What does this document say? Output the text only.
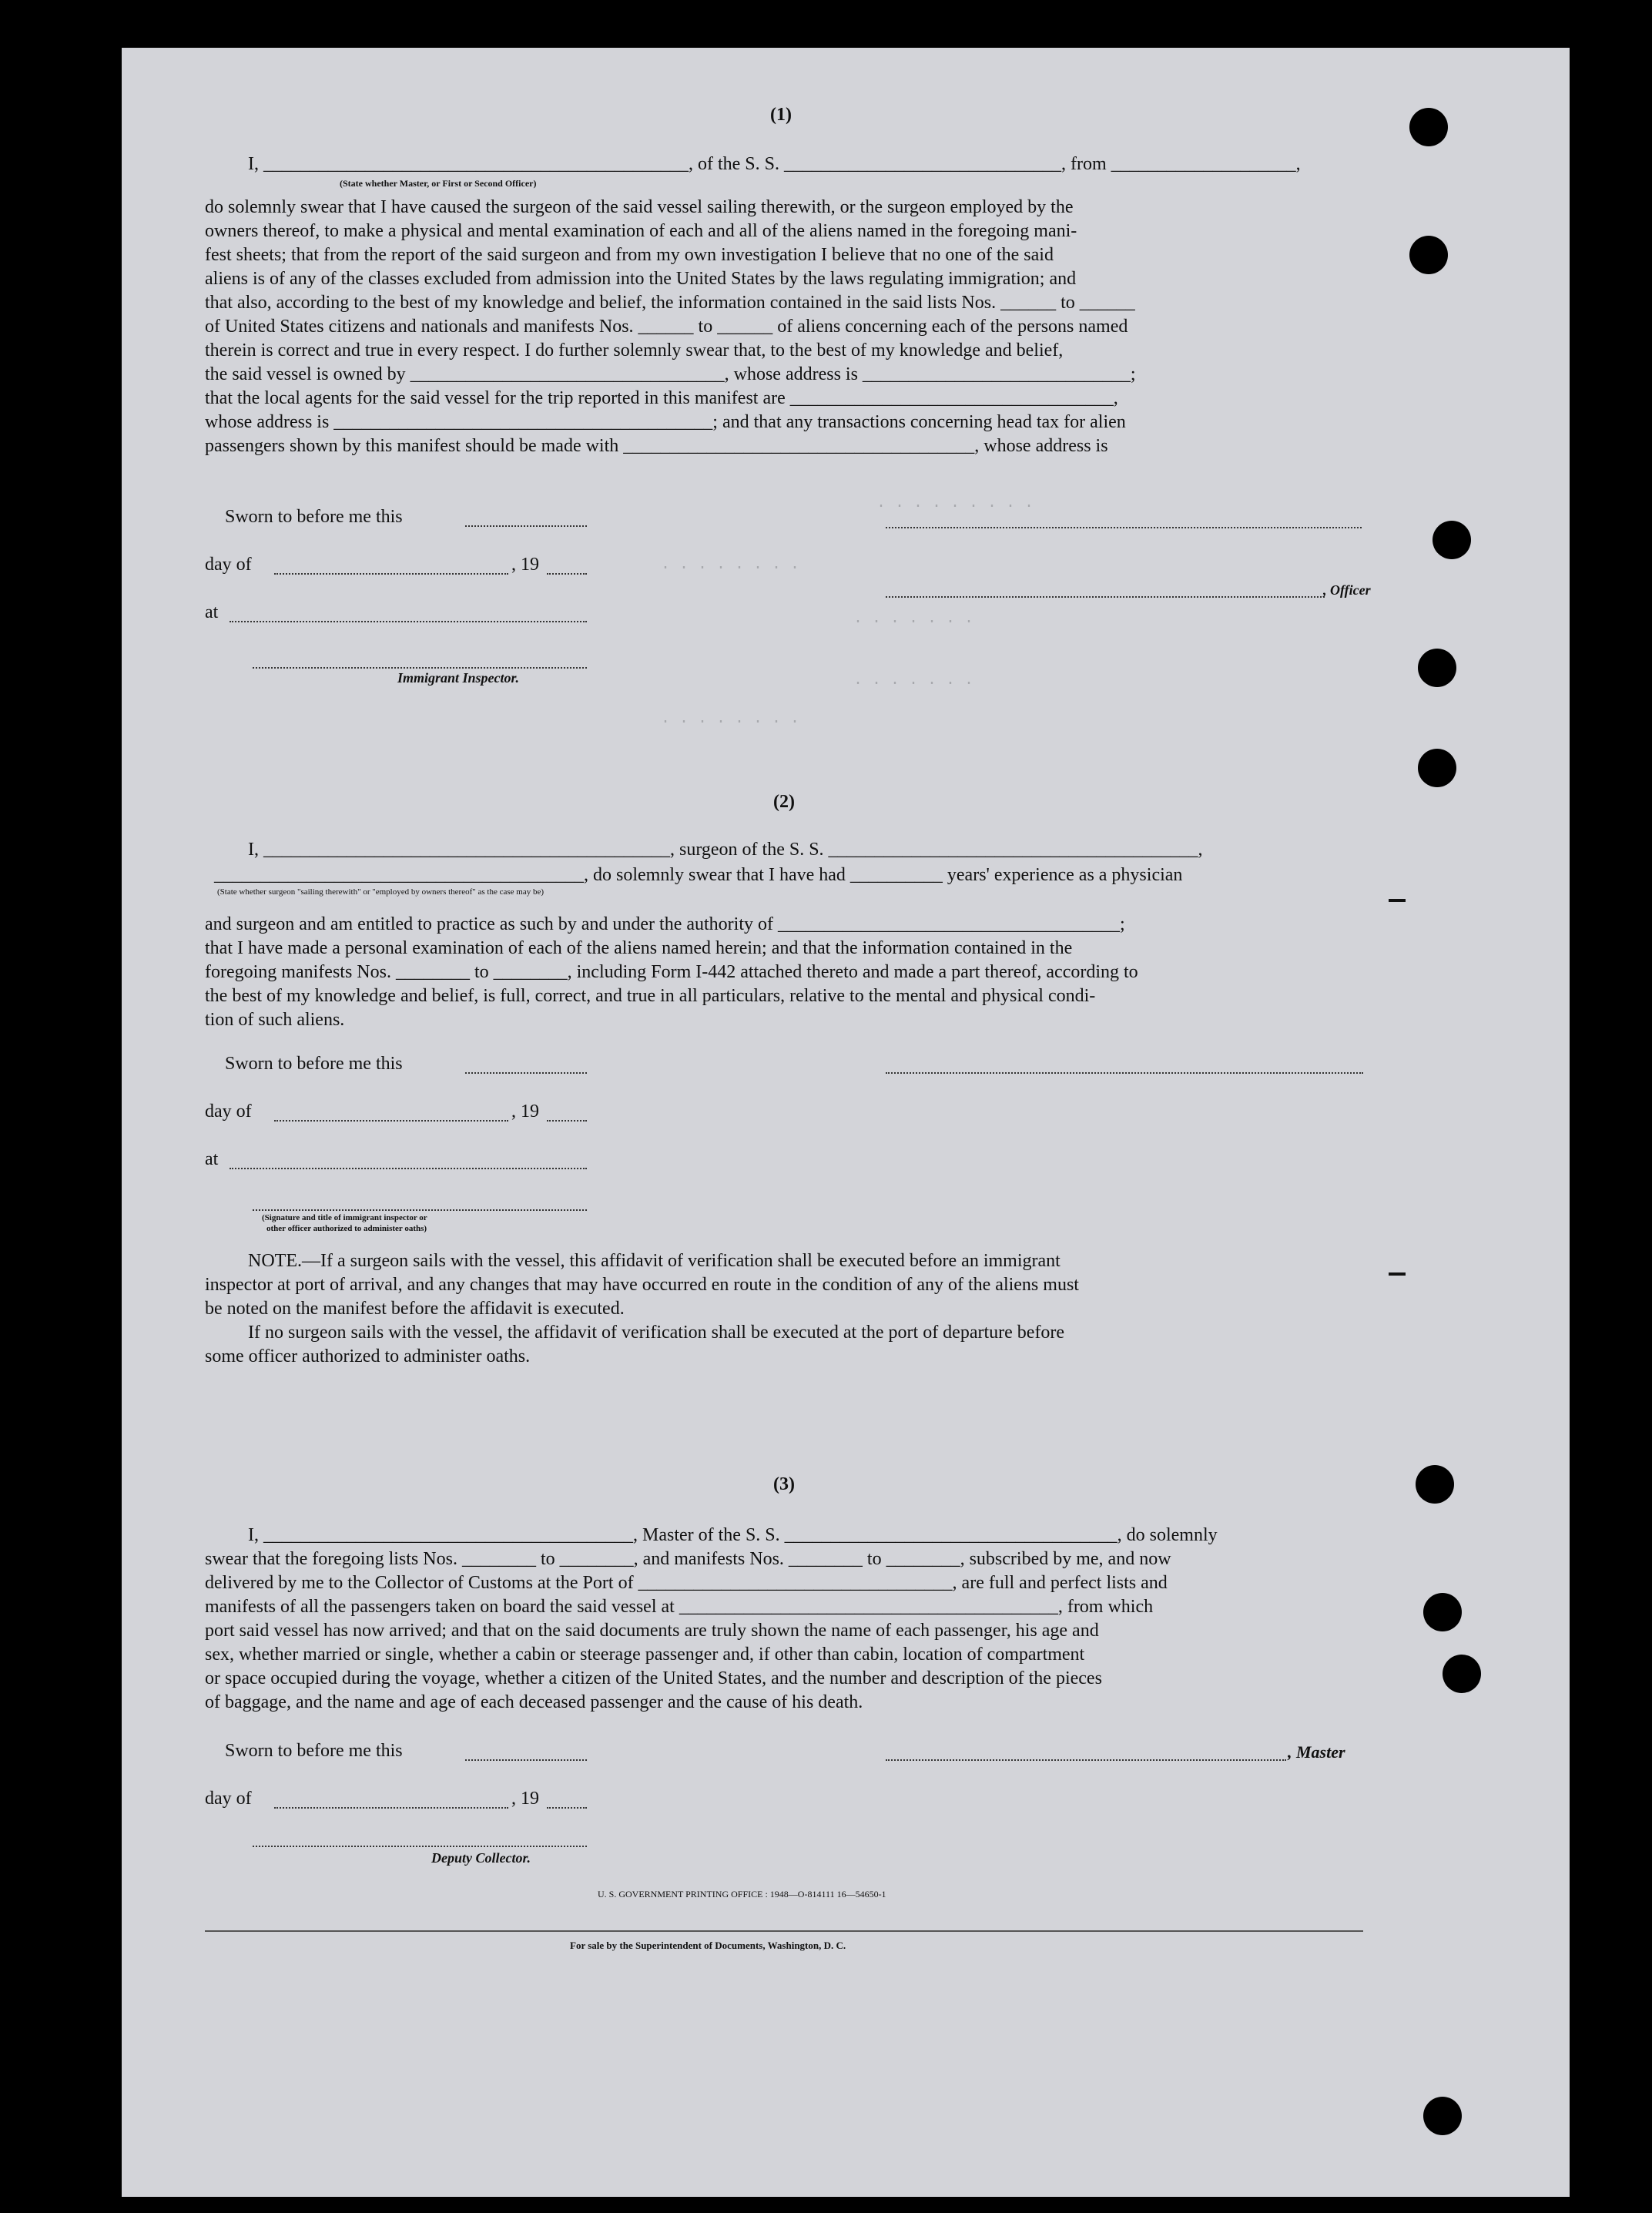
. . . . . . . . .
. . . . . . . .
. . . . . . .
. . . . . . .
. . . . . . . .
(1)
I, ______________________________________________, of the S. S. ______________________________, from ____________________,
(State whether Master, or First or Second Officer)
do solemnly swear that I have caused the surgeon of the said vessel sailing therewith, or the surgeon employed by the
owners thereof, to make a physical and mental examination of each and all of the aliens named in the foregoing mani-
fest sheets; that from the report of the said surgeon and from my own investigation I believe that no one of the said
aliens is of any of the classes excluded from admission into the United States by the laws regulating immigration; and
that also, according to the best of my knowledge and belief, the information contained in the said lists Nos. ______ to ______
of United States citizens and nationals and manifests Nos. ______ to ______ of aliens concerning each of the persons named
therein is correct and true in every respect. I do further solemnly swear that, to the best of my knowledge and belief,
the said vessel is owned by __________________________________, whose address is _____________________________;
that the local agents for the said vessel for the trip reported in this manifest are ___________________________________,
whose address is _________________________________________; and that any transactions concerning head tax for alien
passengers shown by this manifest should be made with ______________________________________, whose address is
Sworn to before me this
day of	, 19
at
Immigrant Inspector.
, Officer
(2)
I, ____________________________________________, surgeon of the S. S. ________________________________________,
________________________________________, do solemnly swear that I have had __________ years' experience as a physician
(State whether surgeon "sailing therewith" or "employed by owners thereof" as the case may be)
and surgeon and am entitled to practice as such by and under the authority of _____________________________________;
that I have made a personal examination of each of the aliens named herein; and that the information contained in the
foregoing manifests Nos. ________ to ________, including Form I-442 attached thereto and made a part thereof, according to
the best of my knowledge and belief, is full, correct, and true in all particulars, relative to the mental and physical condi-
tion of such aliens.
Sworn to before me this
day of	, 19
at
(Signature and title of immigrant inspector or
other officer authorized to administer oaths)
NOTE.—If a surgeon sails with the vessel, this affidavit of verification shall be executed before an immigrant
inspector at port of arrival, and any changes that may have occurred en route in the condition of any of the aliens must
be noted on the manifest before the affidavit is executed.
If no surgeon sails with the vessel, the affidavit of verification shall be executed at the port of departure before
some officer authorized to administer oaths.
(3)
I, ________________________________________, Master of the S. S. ____________________________________, do solemnly
swear that the foregoing lists Nos. ________ to ________, and manifests Nos. ________ to ________, subscribed by me, and now
delivered by me to the Collector of Customs at the Port of __________________________________, are full and perfect lists and
manifests of all the passengers taken on board the said vessel at _________________________________________, from which
port said vessel has now arrived; and that on the said documents are truly shown the name of each passenger, his age and
sex, whether married or single, whether a cabin or steerage passenger and, if other than cabin, location of compartment
or space occupied during the voyage, whether a citizen of the United States, and the number and description of the pieces
of baggage, and the name and age of each deceased passenger and the cause of his death.
Sworn to before me this	, Master
day of	, 19
Deputy Collector.
U. S. GOVERNMENT PRINTING OFFICE : 1948—O-814111 16—54650-1
For sale by the Superintendent of Documents, Washington, D. C.
